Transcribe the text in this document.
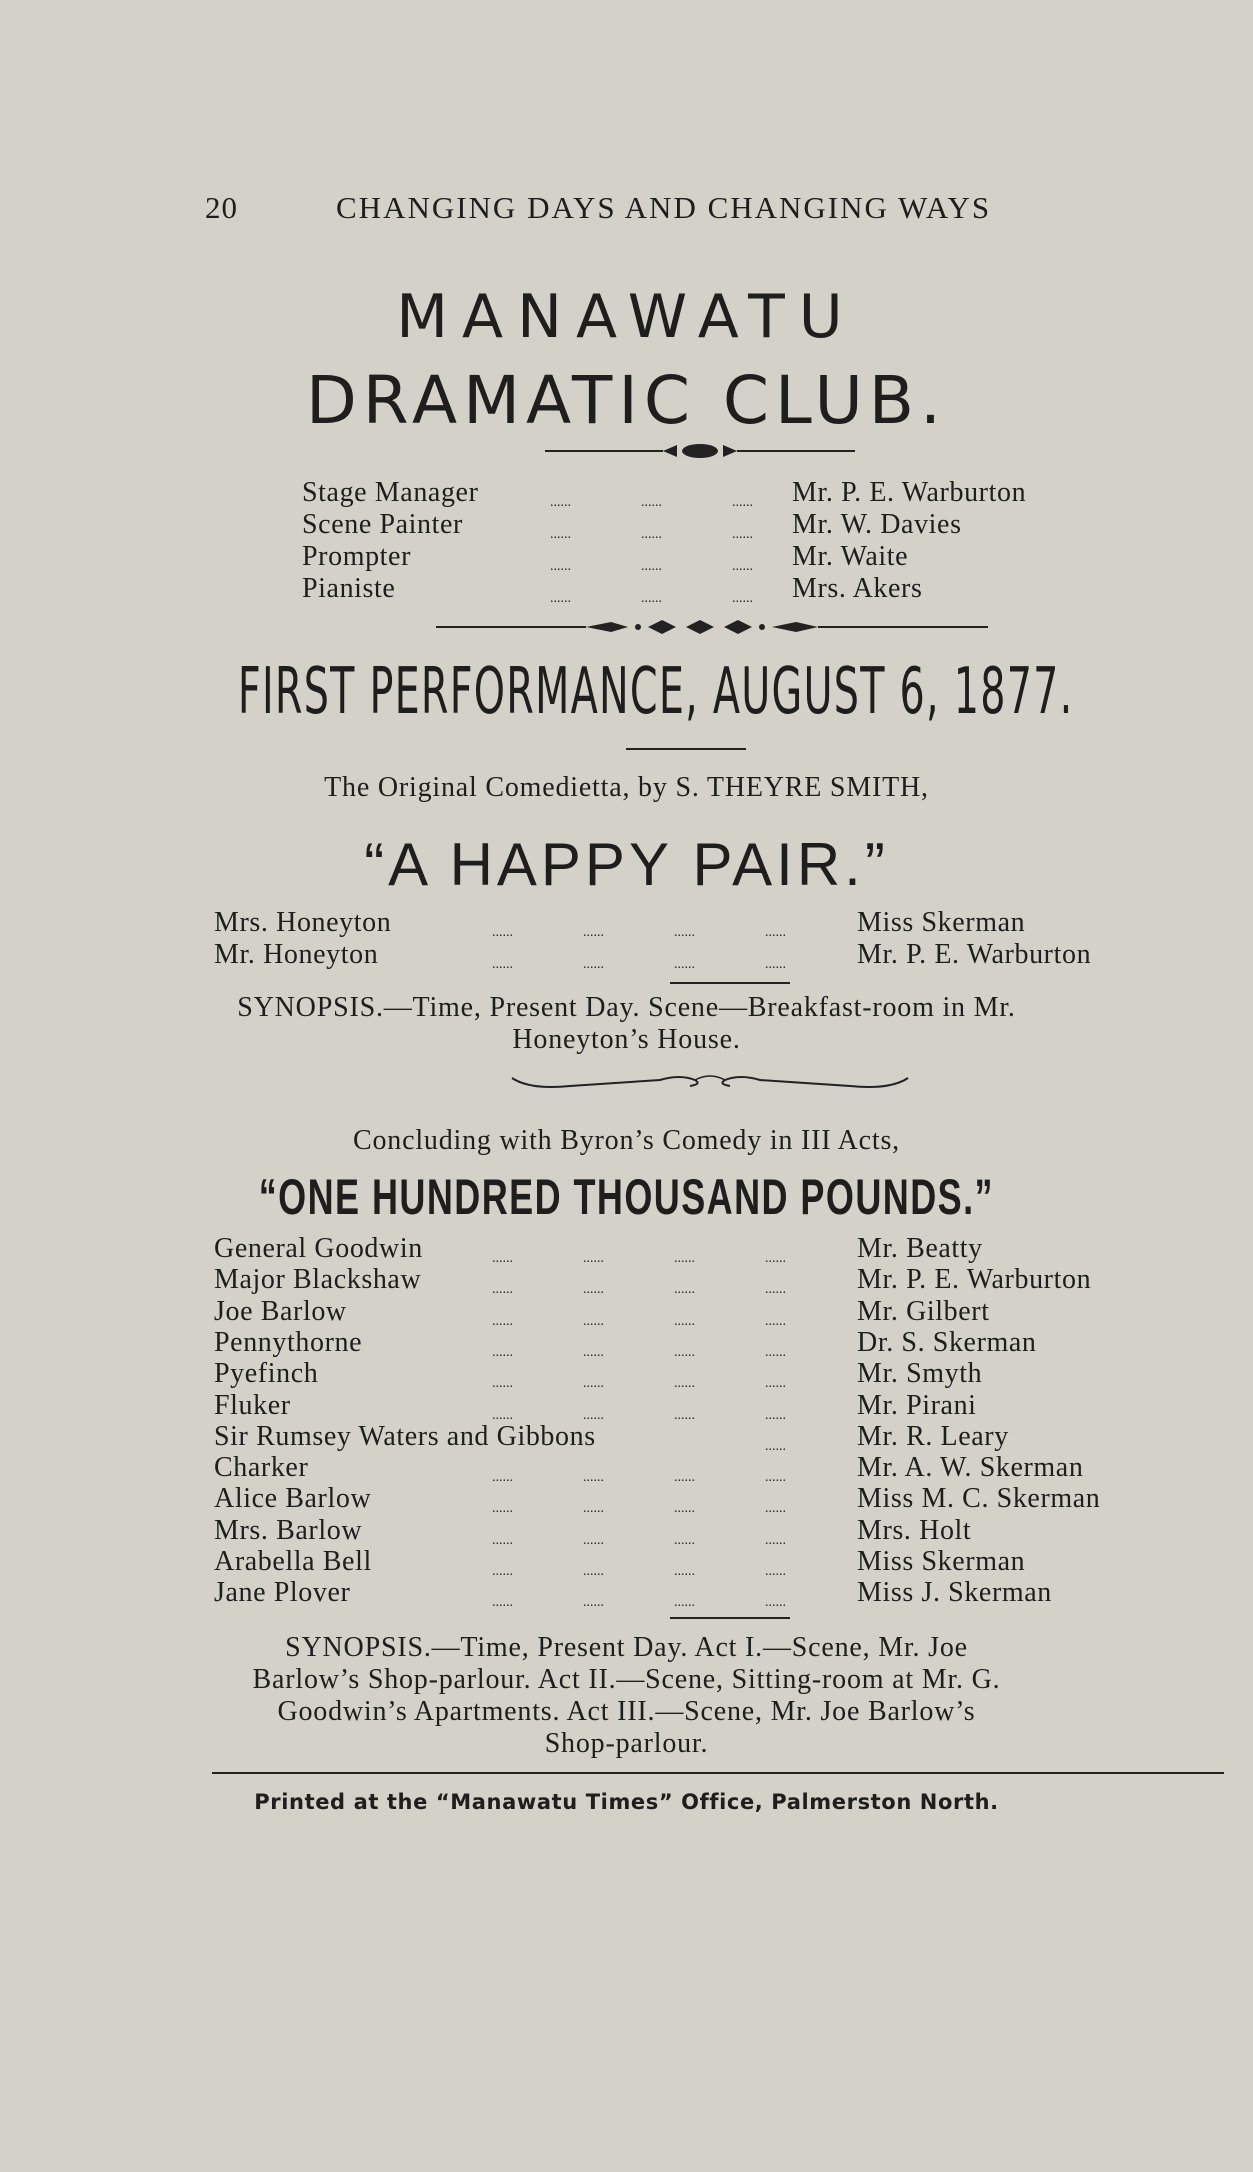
20	CHANGING DAYS AND CHANGING WAYS
MANAWATU
DRAMATIC CLUB.
Stage Manager	......                    ......                    ...... Mr. P. E. Warburton
Scene Painter	......                    ......                    ...... Mr. W. Davies
Prompter	......                    ......                    ...... Mr. Waite
Pianiste	......                    ......                    ...... Mrs. Akers
FIRST PERFORMANCE, AUGUST 6, 1877.
The Original Comedietta, by S. THEYRE SMITH,
“A HAPPY PAIR.”
Mrs. Honeyton	......                    ......                    ......                    ......	Miss Skerman
Mr. Honeyton	......                    ......                    ......                    ......	Mr. P. E. Warburton
SYNOPSIS.—Time, Present Day. Scene—Breakfast-room in Mr.
Honeyton’s House.
Concluding with Byron’s Comedy in III Acts,
“ONE HUNDRED THOUSAND POUNDS.”
General Goodwin	......                    ......                    ......                    ......	Mr. Beatty
Major Blackshaw	......                    ......                    ......                    ......	Mr. P. E. Warburton
Joe Barlow	......                    ......                    ......                    ......	Mr. Gilbert
Pennythorne	......                    ......                    ......                    ......	Dr. S. Skerman
Pyefinch	......                    ......                    ......                    ......	Mr. Smyth
Fluker	......                    ......                    ......                    ......	Mr. Pirani
Sir Rumsey Waters and Gibbons	......	Mr. R. Leary
Charker	......                    ......                    ......                    ......	Mr. A. W. Skerman
Alice Barlow	......                    ......                    ......                    ......	Miss M. C. Skerman
Mrs. Barlow	......                    ......                    ......                    ......	Mrs. Holt
Arabella Bell	......                    ......                    ......                    ......	Miss Skerman
Jane Plover	......                    ......                    ......                    ......	Miss J. Skerman
SYNOPSIS.—Time, Present Day. Act I.—Scene, Mr. Joe
Barlow’s Shop-parlour. Act II.—Scene, Sitting-room at Mr. G.
Goodwin’s Apartments. Act III.—Scene, Mr. Joe Barlow’s
Shop-parlour.
Printed at the “Manawatu Times” Office, Palmerston North.
